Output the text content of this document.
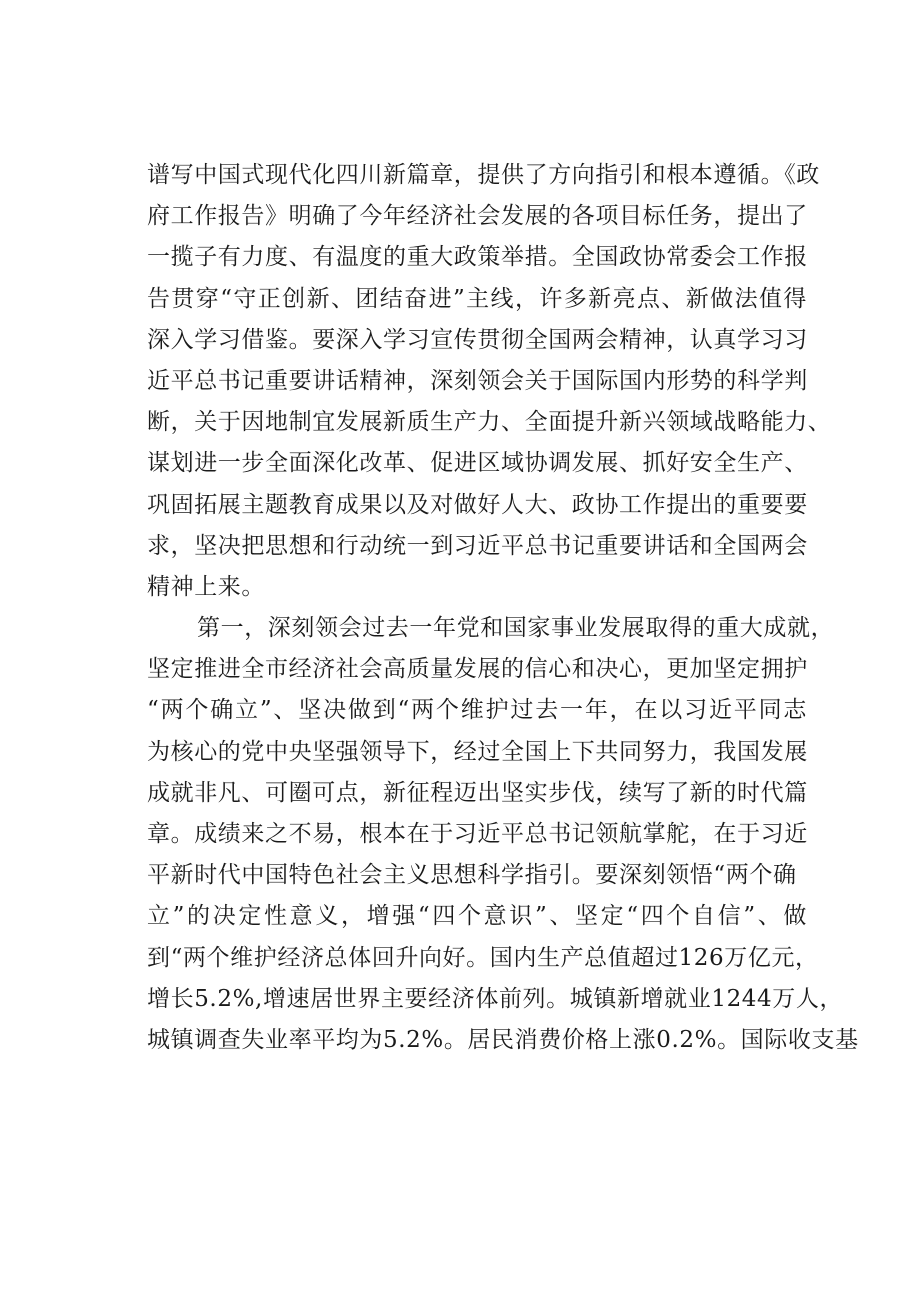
谱写中国式现代化四川新篇章，提供了方向指引和根本遵循。《政
府工作报告》明确了今年经济社会发展的各项目标任务，提出了
一揽子有力度、有温度的重大政策举措。全国政协常委会工作报
告贯穿“守正创新、团结奋进”主线，许多新亮点、新做法值得
深入学习借鉴。要深入学习宣传贯彻全国两会精神，认真学习习
近平总书记重要讲话精神，深刻领会关于国际国内形势的科学判
断，关于因地制宜发展新质生产力、全面提升新兴领域战略能力、
谋划进一步全面深化改革、促进区域协调发展、抓好安全生产、
巩固拓展主题教育成果以及对做好人大、政协工作提出的重要要
求，坚决把思想和行动统一到习近平总书记重要讲话和全国两会
精神上来。
第一，深刻领会过去一年党和国家事业发展取得的重大成就，
坚定推进全市经济社会高质量发展的信心和决心，更加坚定拥护
“两个确立”、坚决做到“两个维护过去一年，在以习近平同志
为核心的党中央坚强领导下，经过全国上下共同努力，我国发展
成就非凡、可圈可点，新征程迈出坚实步伐，续写了新的时代篇
章。成绩来之不易，根本在于习近平总书记领航掌舵，在于习近
平新时代中国特色社会主义思想科学指引。要深刻领悟“两个确
立”的决定性意义，增强“四个意识”、坚定“四个自信”、做
到“两个维护经济总体回升向好。国内生产总值超过126万亿元，
增长5.2%,增速居世界主要经济体前列。城镇新增就业1244万人，
城镇调查失业率平均为5.2%。居民消费价格上涨0.2%。国际收支基
